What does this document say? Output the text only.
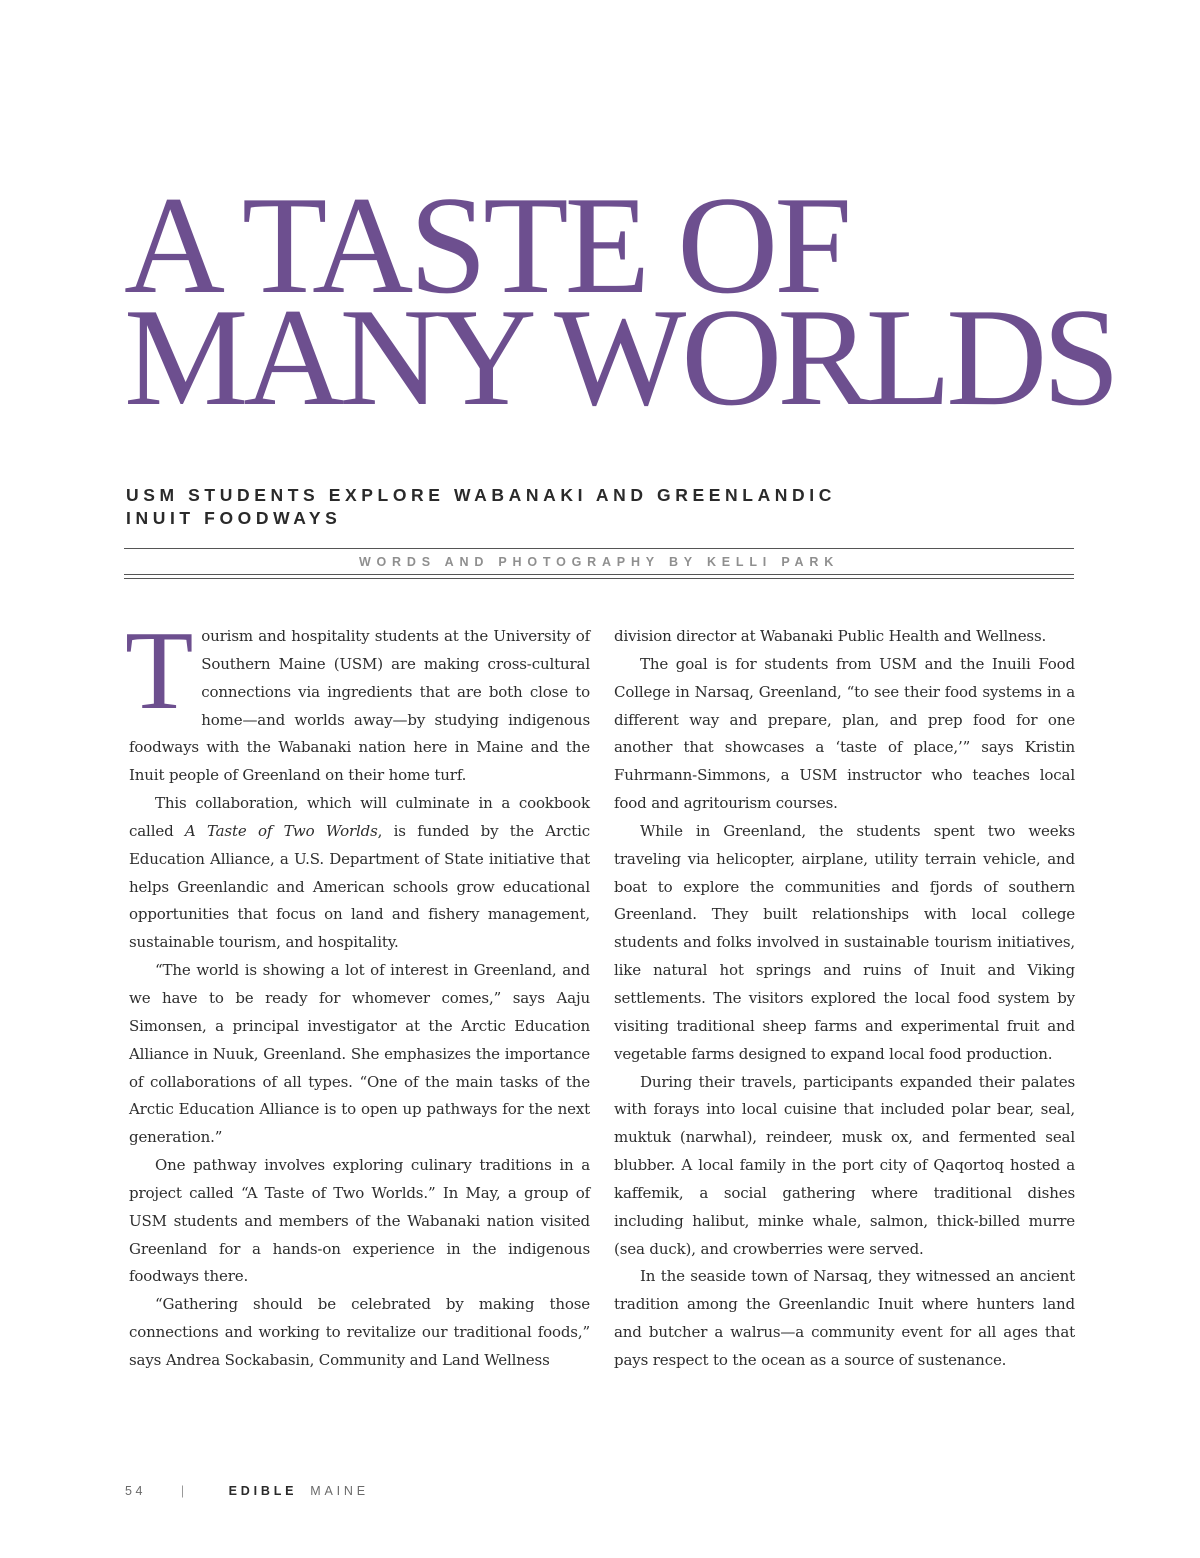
A TASTE OF
MANY WORLDS
USM STUDENTS EXPLORE WABANAKI AND GREENLANDIC
INUIT FOODWAYS
WORDS AND PHOTOGRAPHY BY KELLI PARK

Tourism and hospitality students at the University of Southern Maine (USM) are making cross-cultural connections via ingredients that are both close to home—and worlds away—by studying indigenous foodways with the Wabanaki nation here in Maine and the Inuit people of Greenland on their home turf.

This collaboration, which will culminate in a cookbook called A Taste of Two Worlds, is funded by the Arctic Education Alliance, a U.S. Department of State initiative that helps Greenlandic and American schools grow educational opportunities that focus on land and fishery management, sustainable tourism, and hospitality.

“The world is showing a lot of interest in Greenland, and we have to be ready for whomever comes,” says Aaju Simonsen, a principal investigator at the Arctic Education Alliance in Nuuk, Greenland. She emphasizes the importance of collaborations of all types. “One of the main tasks of the Arctic Education Alliance is to open up pathways for the next generation.”

One pathway involves exploring culinary traditions in a project called “A Taste of Two Worlds.” In May, a group of USM students and members of the Wabanaki nation visited Greenland for a hands-on experience in the indigenous foodways there.

“Gathering should be celebrated by making those connections and working to revitalize our traditional foods,” says Andrea Sockabasin, Community and Land Wellness

division director at Wabanaki Public Health and Wellness.

The goal is for students from USM and the Inuili Food College in Narsaq, Greenland, “to see their food systems in a different way and prepare, plan, and prep food for one another that showcases a ‘taste of place,’” says Kristin Fuhrmann-Simmons, a USM instructor who teaches local food and agritourism courses.

While in Greenland, the students spent two weeks traveling via helicopter, airplane, utility terrain vehicle, and boat to explore the communities and fjords of southern Greenland. They built relationships with local college students and folks involved in sustainable tourism initiatives, like natural hot springs and ruins of Inuit and Viking settlements. The visitors explored the local food system by visiting traditional sheep farms and experimental fruit and vegetable farms designed to expand local food production.

During their travels, participants expanded their palates with forays into local cuisine that included polar bear, seal, muktuk (narwhal), reindeer, musk ox, and fermented seal blubber. A local family in the port city of Qaqortoq hosted a kaffemik, a social gathering where traditional dishes including halibut, minke whale, salmon, thick-billed murre (sea duck), and crowberries were served.

In the seaside town of Narsaq, they witnessed an ancient tradition among the Greenlandic Inuit where hunters land and butcher a walrus—a community event for all ages that pays respect to the ocean as a source of sustenance.

54	|	EDIBLE MAINE
